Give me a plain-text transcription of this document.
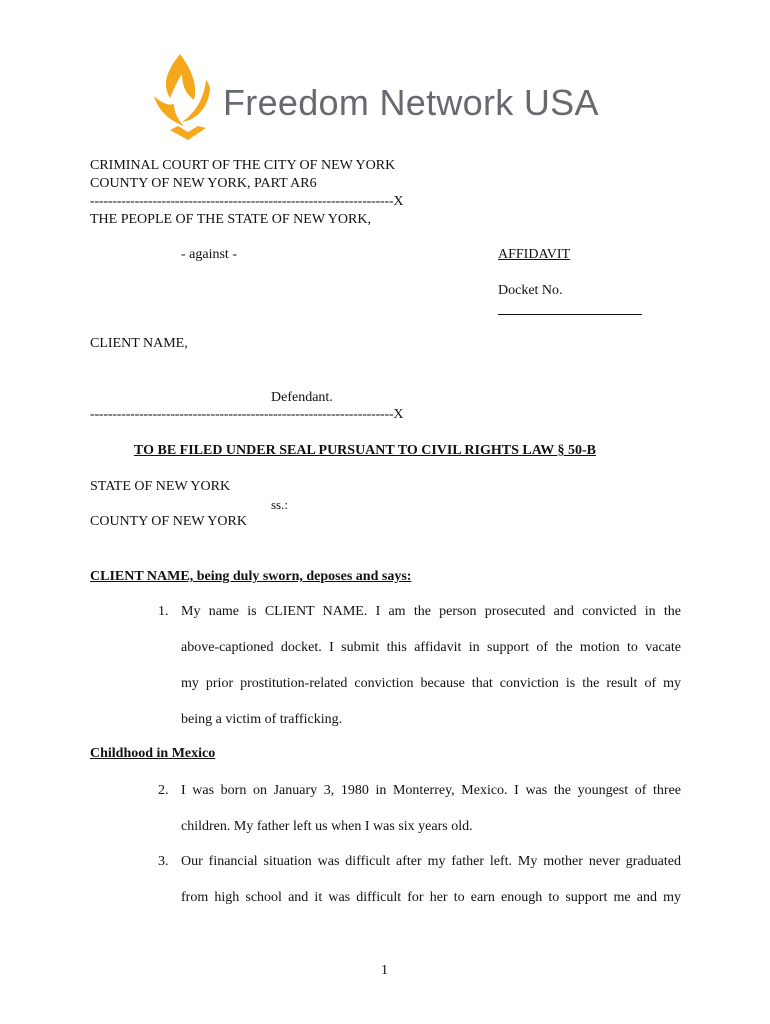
Freedom Network USA
CRIMINAL COURT OF THE CITY OF NEW YORK
COUNTY OF NEW YORK, PART AR6
--------------------------------------------------------------------X
THE PEOPLE OF THE STATE OF NEW YORK,
- against -	AFFIDAVIT
Docket No.
CLIENT NAME,
Defendant.
--------------------------------------------------------------------X
TO BE FILED UNDER SEAL PURSUANT TO CIVIL RIGHTS LAW § 50-B
STATE OF NEW YORK
ss.:
COUNTY OF NEW YORK
CLIENT NAME, being duly sworn, deposes and says:
1. My name is CLIENT NAME. I am the person prosecuted and convicted in the
above-captioned docket. I submit this affidavit in support of the motion to vacate
my prior prostitution-related conviction because that conviction is the result of my
being a victim of trafficking.
Childhood in Mexico
2. I was born on January 3, 1980 in Monterrey, Mexico. I was the youngest of three
children. My father left us when I was six years old.
3. Our financial situation was difficult after my father left. My mother never graduated
from high school and it was difficult for her to earn enough to support me and my
1
